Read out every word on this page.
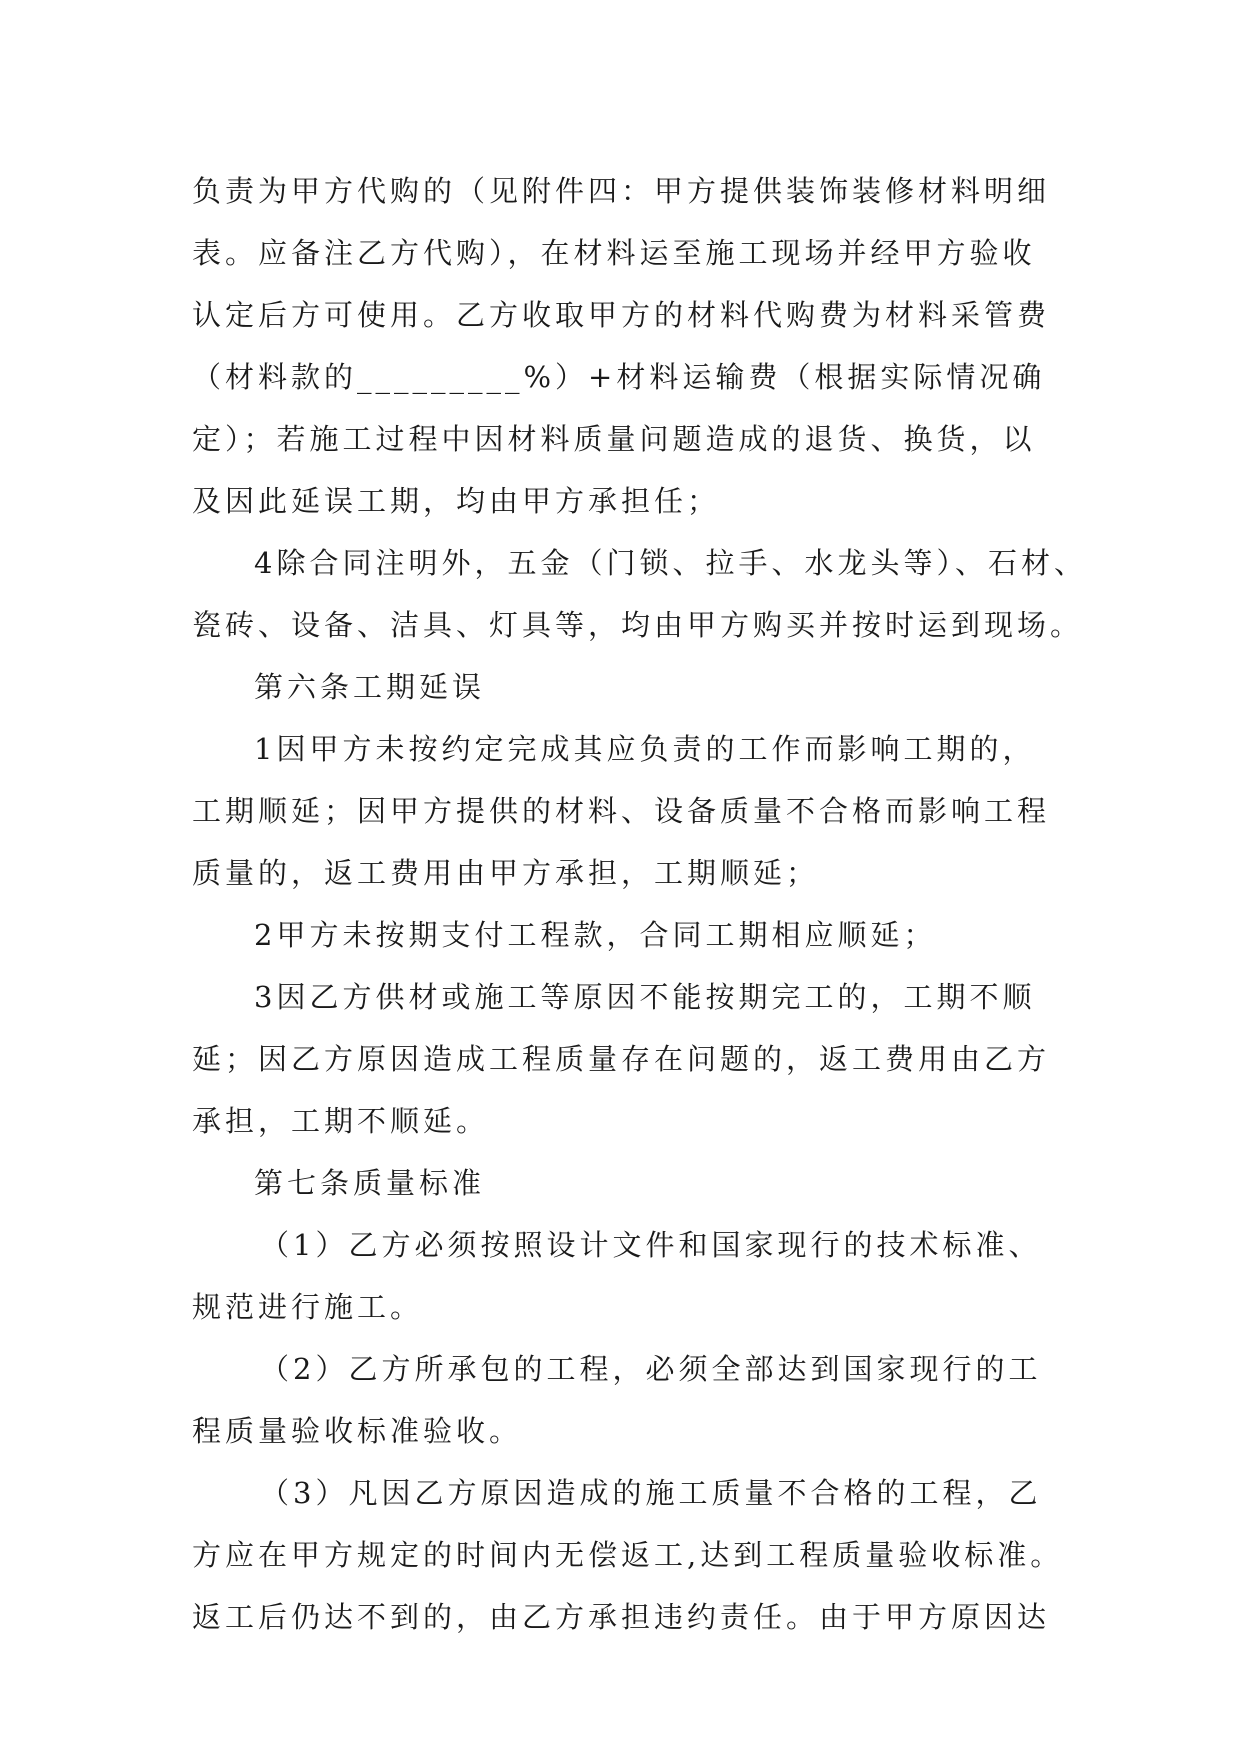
负责为甲方代购的（见附件四：甲方提供装饰装修材料明细
表。应备注乙方代购），在材料运至施工现场并经甲方验收
认定后方可使用。乙方收取甲方的材料代购费为材料采管费
（材料款的_________%）+材料运输费（根据实际情况确
定）；若施工过程中因材料质量问题造成的退货、换货，以
及因此延误工期，均由甲方承担任；
4除合同注明外，五金（门锁、拉手、水龙头等）、石材、
瓷砖、设备、洁具、灯具等，均由甲方购买并按时运到现场。
第六条工期延误
1因甲方未按约定完成其应负责的工作而影响工期的，
工期顺延；因甲方提供的材料、设备质量不合格而影响工程
质量的，返工费用由甲方承担，工期顺延；
2甲方未按期支付工程款，合同工期相应顺延；
3因乙方供材或施工等原因不能按期完工的，工期不顺
延；因乙方原因造成工程质量存在问题的，返工费用由乙方
承担，工期不顺延。
第七条质量标准
（1）乙方必须按照设计文件和国家现行的技术标准、
规范进行施工。
（2）乙方所承包的工程，必须全部达到国家现行的工
程质量验收标准验收。
（3）凡因乙方原因造成的施工质量不合格的工程，乙
方应在甲方规定的时间内无偿返工,达到工程质量验收标准。
返工后仍达不到的，由乙方承担违约责任。由于甲方原因达
